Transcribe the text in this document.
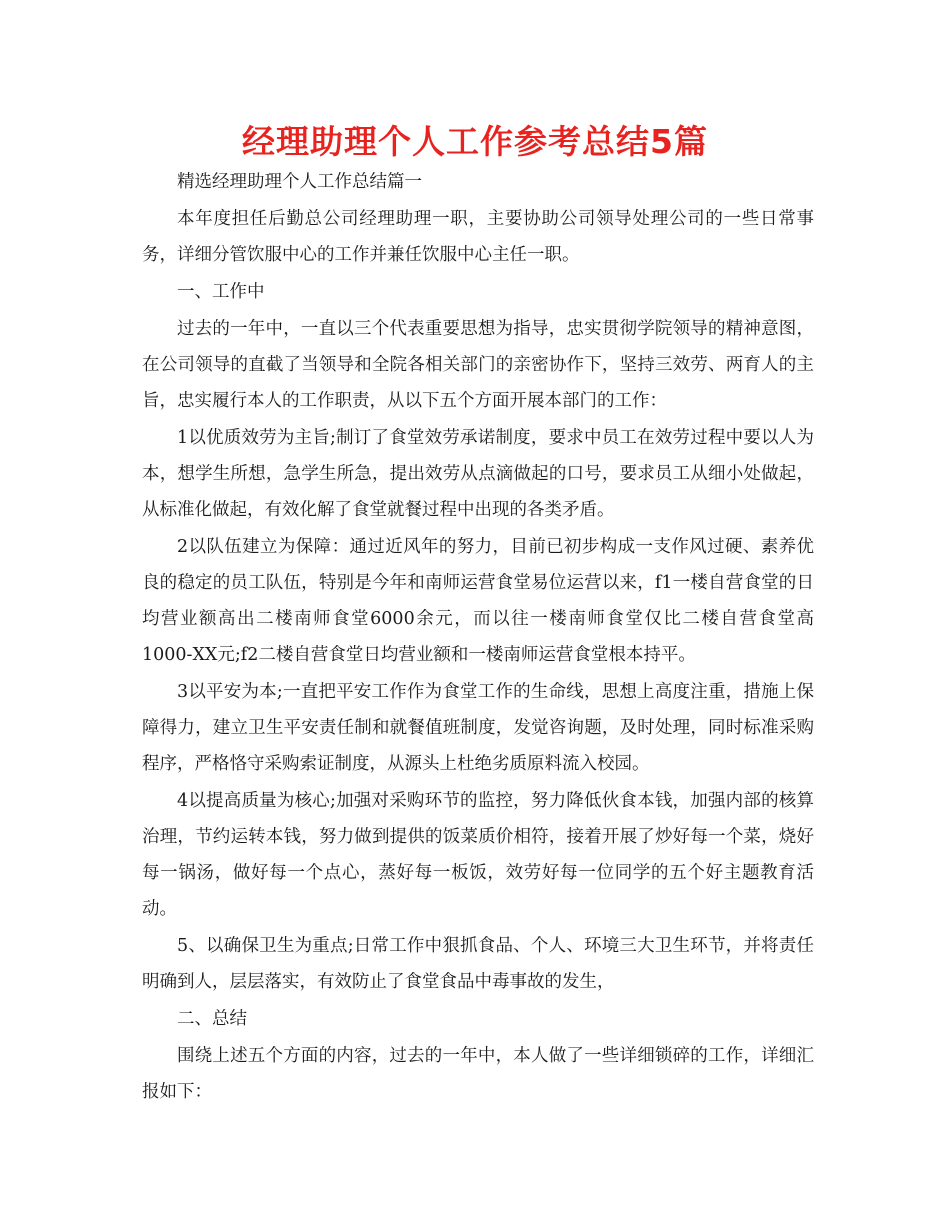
经理助理个人工作参考总结5篇

精选经理助理个人工作总结篇一

本年度担任后勤总公司经理助理一职，主要协助公司领导处理公司的一些日常事务，详细分管饮服中心的工作并兼任饮服中心主任一职。

一、工作中

过去的一年中，一直以三个代表重要思想为指导，忠实贯彻学院领导的精神意图，在公司领导的直截了当领导和全院各相关部门的亲密协作下，坚持三效劳、两育人的主旨，忠实履行本人的工作职责，从以下五个方面开展本部门的工作：

1以优质效劳为主旨;制订了食堂效劳承诺制度，要求中员工在效劳过程中要以人为本，想学生所想，急学生所急，提出效劳从点滴做起的口号，要求员工从细小处做起，从标准化做起，有效化解了食堂就餐过程中出现的各类矛盾。

2以队伍建立为保障：通过近风年的努力，目前已初步构成一支作风过硬、素养优良的稳定的员工队伍，特别是今年和南师运营食堂易位运营以来，f1一楼自营食堂的日均营业额高出二楼南师食堂6000余元，而以往一楼南师食堂仅比二楼自营食堂高1000-XX元;f2二楼自营食堂日均营业额和一楼南师运营食堂根本持平。

3以平安为本;一直把平安工作作为食堂工作的生命线，思想上高度注重，措施上保障得力，建立卫生平安责任制和就餐值班制度，发觉咨询题，及时处理，同时标准采购程序，严格恪守采购索证制度，从源头上杜绝劣质原料流入校园。

4以提高质量为核心;加强对采购环节的监控，努力降低伙食本钱，加强内部的核算治理，节约运转本钱，努力做到提供的饭菜质价相符，接着开展了炒好每一个菜，烧好每一锅汤，做好每一个点心，蒸好每一板饭，效劳好每一位同学的五个好主题教育活动。

5、以确保卫生为重点;日常工作中狠抓食品、个人、环境三大卫生环节，并将责任明确到人，层层落实，有效防止了食堂食品中毒事故的发生，

二、总结

围绕上述五个方面的内容，过去的一年中，本人做了一些详细锁碎的工作，详细汇报如下：
